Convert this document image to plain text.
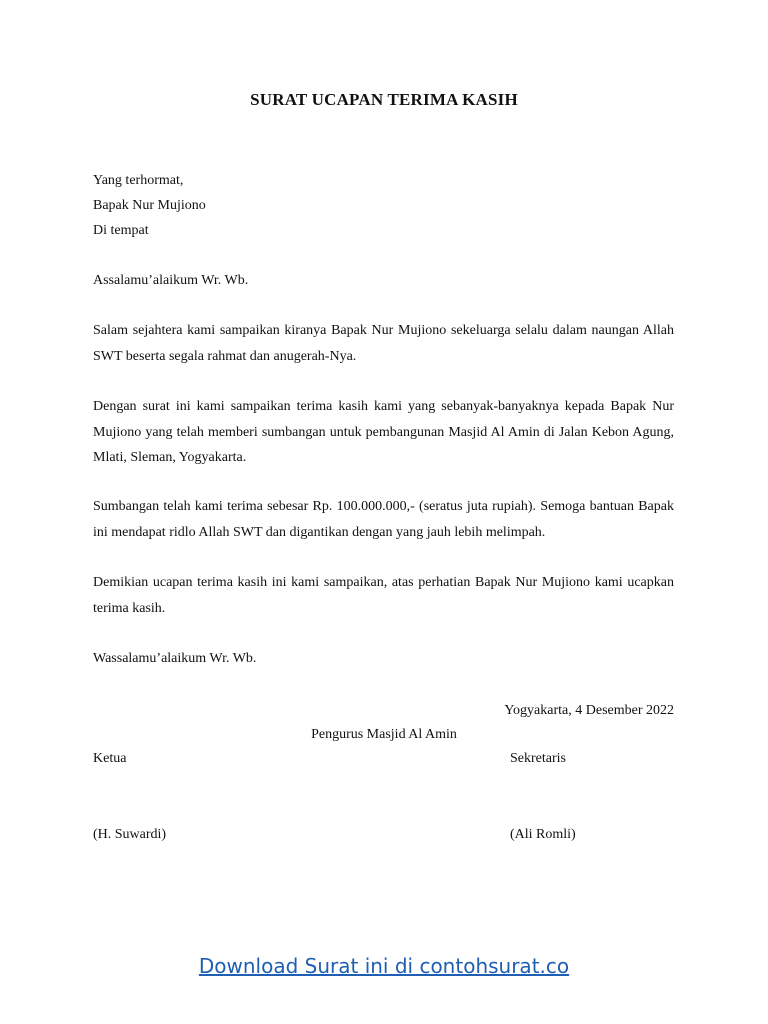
SURAT UCAPAN TERIMA KASIH
Yang terhormat,
Bapak Nur Mujiono
Di tempat
Assalamu’alaikum Wr. Wb.
Salam sejahtera kami sampaikan kiranya Bapak Nur Mujiono sekeluarga selalu dalam naungan Allah SWT beserta segala rahmat dan anugerah-Nya.
Dengan surat ini kami sampaikan terima kasih kami yang sebanyak-banyaknya kepada Bapak Nur Mujiono yang telah memberi sumbangan untuk pembangunan Masjid Al Amin di Jalan Kebon Agung, Mlati, Sleman, Yogyakarta.
Sumbangan telah kami terima sebesar Rp. 100.000.000,- (seratus juta rupiah). Semoga bantuan Bapak ini mendapat ridlo Allah SWT dan digantikan dengan yang jauh lebih melimpah.
Demikian ucapan terima kasih ini kami sampaikan, atas perhatian Bapak Nur Mujiono kami ucapkan terima kasih.
Wassalamu’alaikum Wr. Wb.
Yogyakarta, 4 Desember 2022
Pengurus Masjid Al Amin
Ketua	Sekretaris
(H. Suwardi)	(Ali Romli)
Download Surat ini di contohsurat.co
